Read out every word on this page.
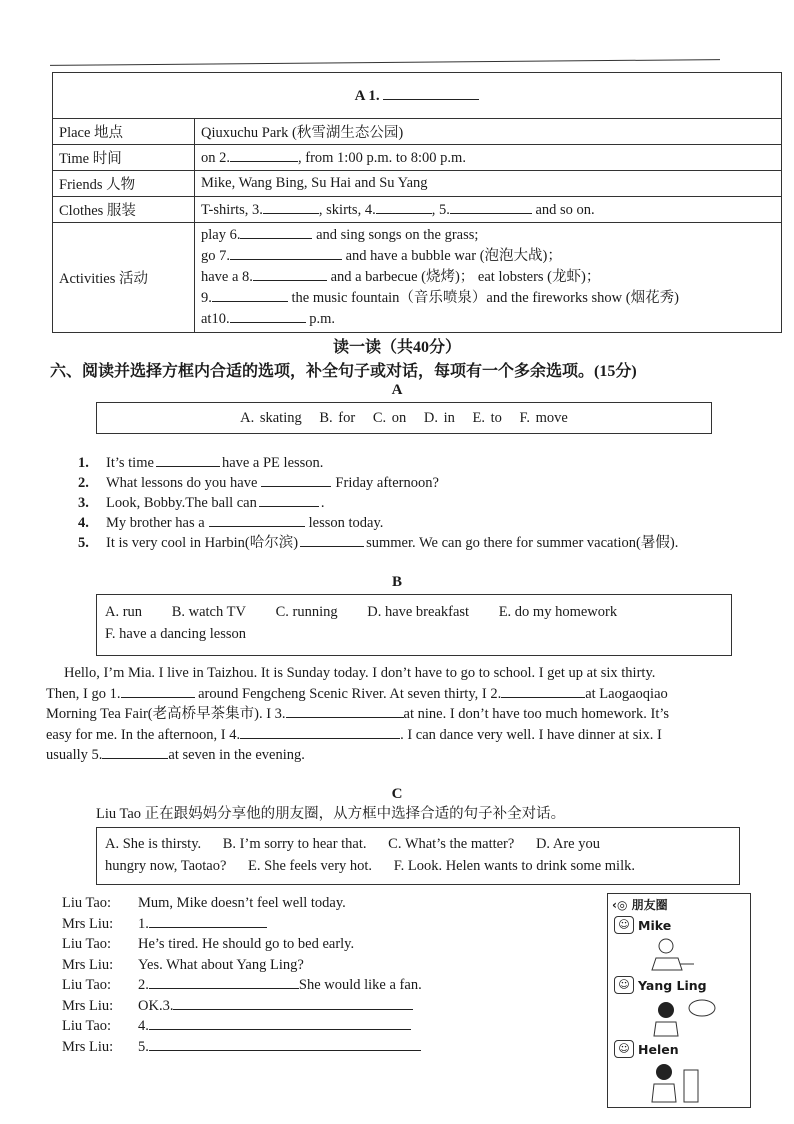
A 1.	
Place 地点	Qiuxuchu Park (秋雪湖生态公园)
Time 时间	on 2. , from 1:00 p.m. to 8:00 p.m.
Friends 人物	Mike, Wang Bing, Su Hai and Su Yang
Clothes 服装	T-shirts, 3. , skirts, 4. , 5. and so on.
Activities 活动	play 6. and sing songs on the grass;
go 7. and have a bubble war (泡泡大战)；
have a 8. and a barbecue (烧烤)； eat lobsters (龙虾)；
9. the music fountain（音乐喷泉）and the fireworks show (烟花秀)
at10. p.m.
读一读（共40分）
六、阅读并选择方框内合适的选项，补全句子或对话，每项有一个多余选项。(15分)
A
A. skating B. for C. on D. in E. to F. move
1.	It’s time	have a PE lesson.
2.	What lessons do you have	Friday afternoon?
3.	Look, Bobby.The ball can	.
4.	My brother has a	lesson today.
5.	It is very cool in Harbin(哈尔滨)	summer. We can go there for summer vacation(暑假).
B
A. run B. watch TV C. running D. have breakfast E. do my homework
F. have a dancing lesson
Hello, I’m Mia. I live in Taizhou. It is Sunday today. I don’t have to go to school. I get up at six thirty.
Then, I go 1.	around Fengcheng Scenic River. At seven thirty, I 2.	at Laogaoqiao
Morning Tea Fair(老高桥早茶集市). I 3.	at nine. I don’t have too much homework. It’s
easy for me. In the afternoon, I 4.	. I can dance very well. I have dinner at six. I
usually 5.	at seven in the evening.
C
Liu Tao 正在跟妈妈分享他的朋友圈，从方框中选择合适的句子补全对话。
A. She is thirsty. B. I’m sorry to hear that. C. What’s the matter? D. Are you
hungry now, Taotao? E. She feels very hot. F. Look. Helen wants to drink some milk.
Liu Tao:	Mum, Mike doesn’t feel well today.
Mrs Liu:	1.
Liu Tao:	He’s tired. He should go to bed early.
Mrs Liu:	Yes. What about Yang Ling?
Liu Tao:	2.	She would like a fan.
Mrs Liu:	OK.3.
Liu Tao:	4.
Mrs Liu:	5.
‹◎ 朋友圈
☺ Mike
☺ Yang Ling
☺ Helen
